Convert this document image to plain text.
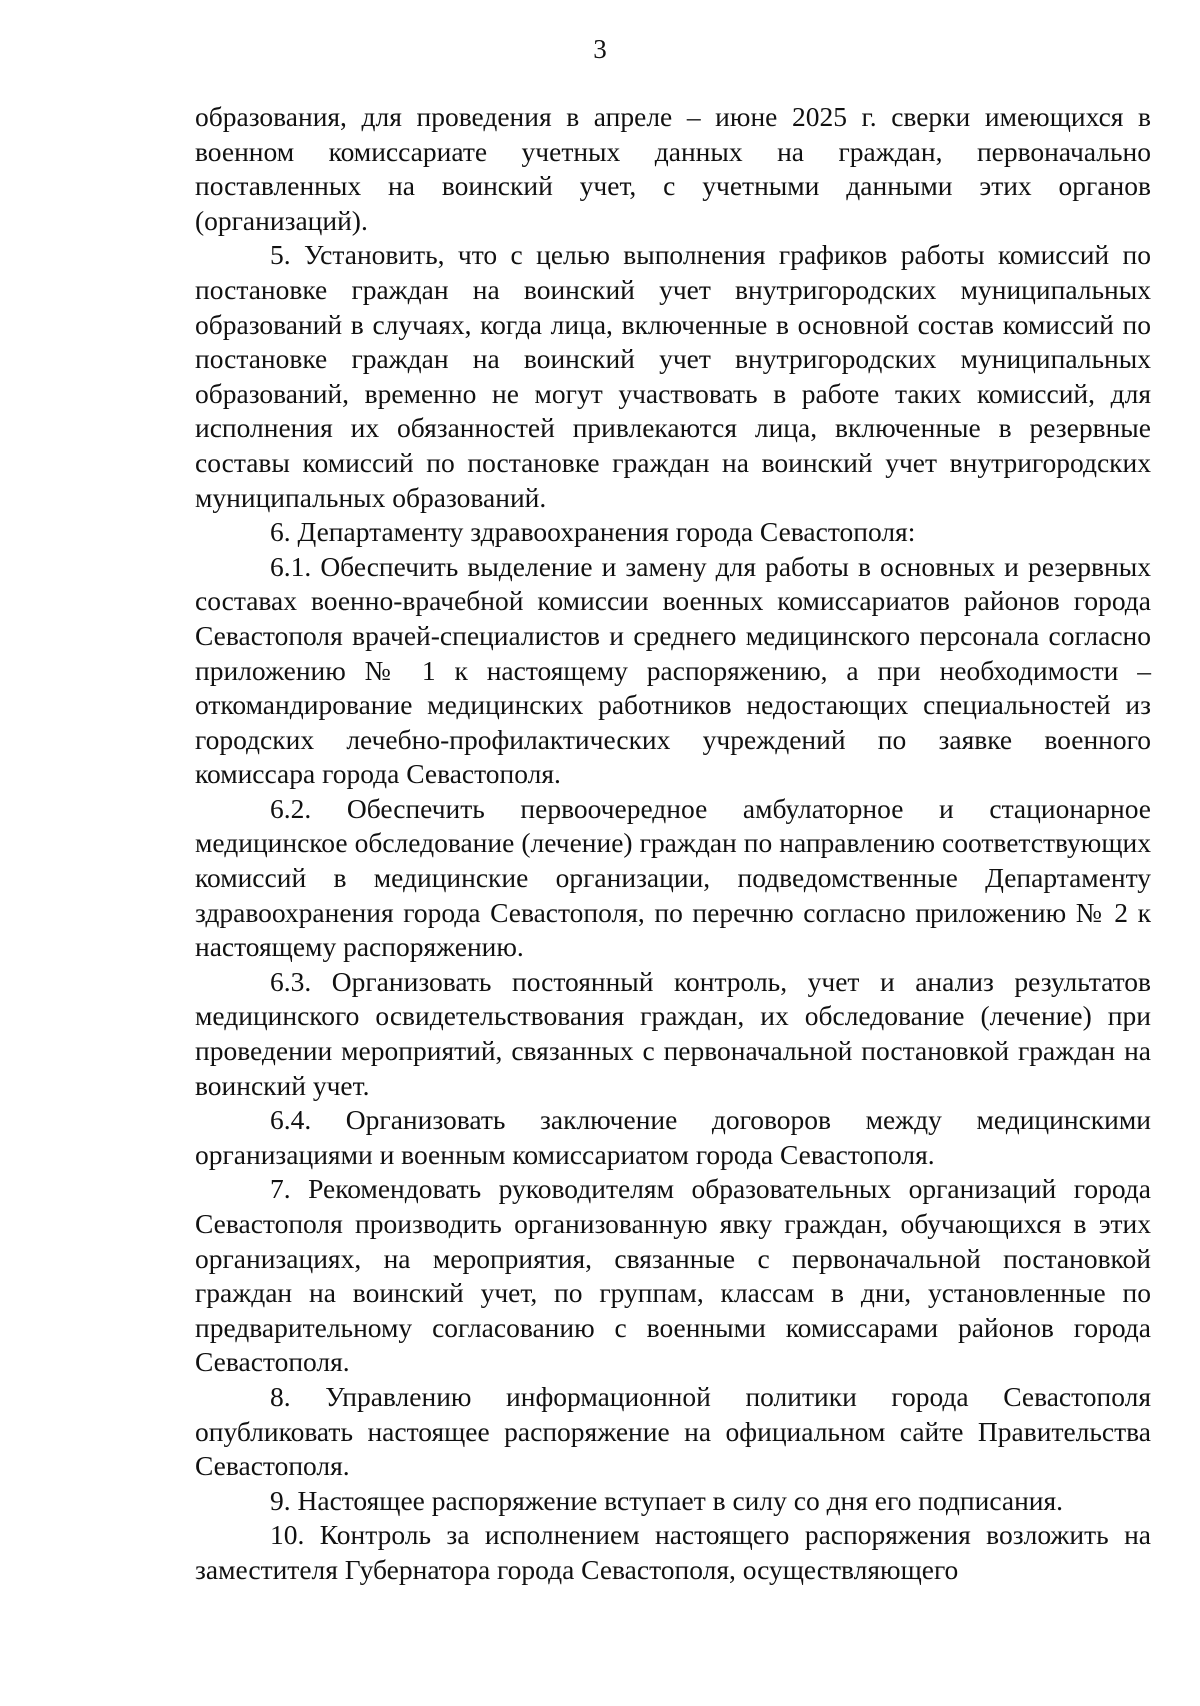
3

образования, для проведения в апреле – июне 2025 г. сверки имеющихся в военном комиссариате учетных данных на граждан, первоначально поставленных на воинский учет, с учетными данными этих органов (организаций).

5. Установить, что с целью выполнения графиков работы комиссий по постановке граждан на воинский учет внутригородских муниципальных образований в случаях, когда лица, включенные в основной состав комиссий по постановке граждан на воинский учет внутригородских муниципальных образований, временно не могут участвовать в работе таких комиссий, для исполнения их обязанностей привлекаются лица, включенные в резервные составы комиссий по постановке граждан на воинский учет внутригородских муниципальных образований.

6. Департаменту здравоохранения города Севастополя:

6.1. Обеспечить выделение и замену для работы в основных и резервных составах военно-врачебной комиссии военных комиссариатов районов города Севастополя врачей-специалистов и среднего медицинского персонала согласно приложению № 1 к настоящему распоряжению, а при необходимости – откомандирование медицинских работников недостающих специальностей из городских лечебно-профилактических учреждений по заявке военного комиссара города Севастополя.

6.2. Обеспечить первоочередное амбулаторное и стационарное медицинское обследование (лечение) граждан по направлению соответствующих комиссий в медицинские организации, подведомственные Департаменту здравоохранения города Севастополя, по перечню согласно приложению № 2 к настоящему распоряжению.

6.3. Организовать постоянный контроль, учет и анализ результатов медицинского освидетельствования граждан, их обследование (лечение) при проведении мероприятий, связанных с первоначальной постановкой граждан на воинский учет.

6.4. Организовать заключение договоров между медицинскими организациями и военным комиссариатом города Севастополя.

7. Рекомендовать руководителям образовательных организаций города Севастополя производить организованную явку граждан, обучающихся в этих организациях, на мероприятия, связанные с первоначальной постановкой граждан на воинский учет, по группам, классам в дни, установленные по предварительному согласованию с военными комиссарами районов города Севастополя.

8. Управлению информационной политики города Севастополя опубликовать настоящее распоряжение на официальном сайте Правительства Севастополя.

9. Настоящее распоряжение вступает в силу со дня его подписания.

10. Контроль за исполнением настоящего распоряжения возложить на заместителя Губернатора города Севастополя, осуществляющего
